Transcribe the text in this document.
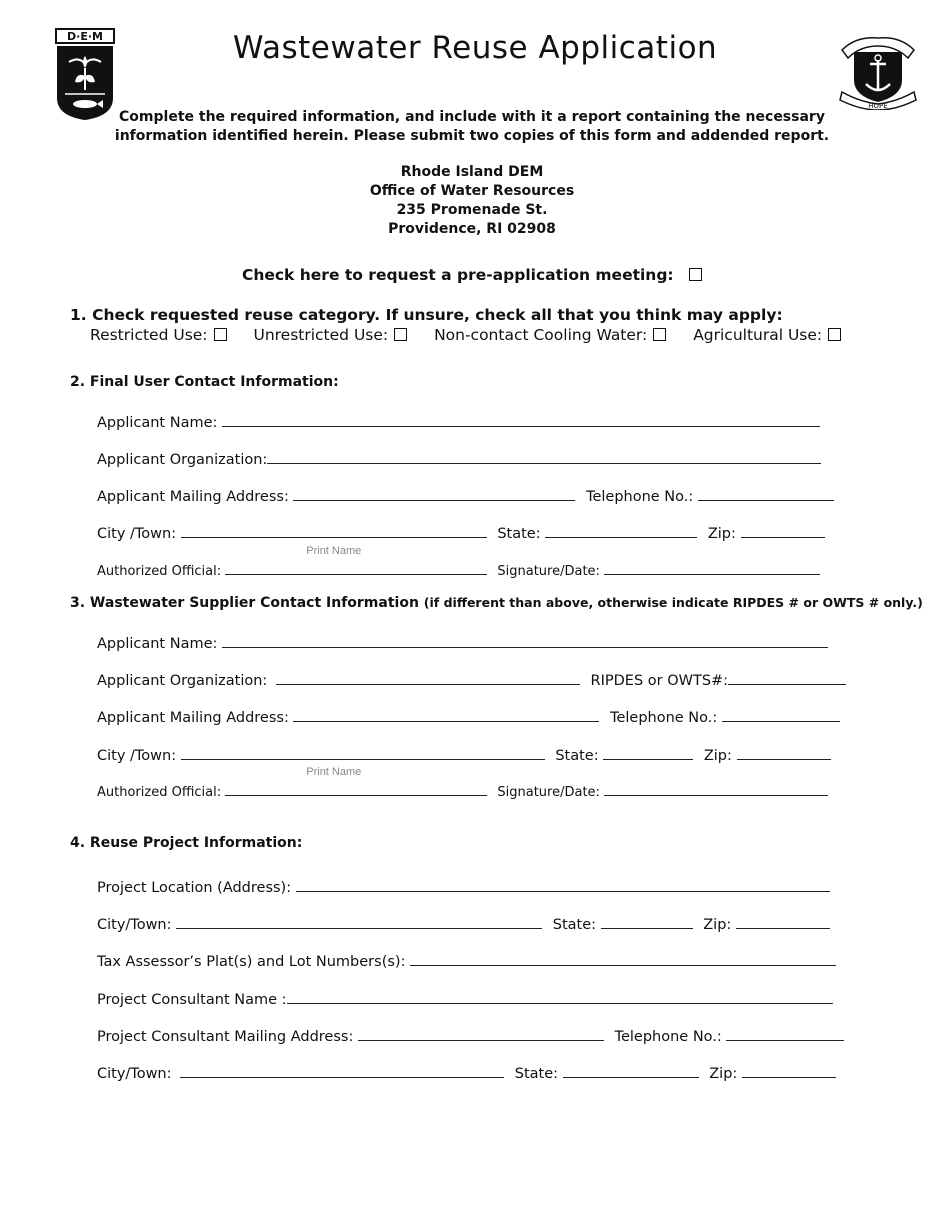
D·E·M
HOPE
Wastewater Reuse Application
Complete the required information, and include with it a report containing the necessary
information identified herein. Please submit two copies of this form and addended report.
Rhode Island DEM
Office of Water Resources
235 Promenade St.
Providence, RI 02908
Check here to request a pre-application meeting:
1. Check requested reuse category. If unsure, check all that you think may apply:
Restricted Use:	Unrestricted Use:	Non-contact Cooling Water:	Agricultural Use:
2. Final User Contact Information:
Applicant Name:
Applicant Organization:
Applicant Mailing Address:	Telephone No.:
City /Town:	State:	Zip:
Authorized Official:
Print Name
Signature/Date:
3. Wastewater Supplier Contact Information (if different than above, otherwise indicate RIPDES # or OWTS # only.)
Applicant Name:
Applicant Organization:	RIPDES or OWTS#:
Applicant Mailing Address:	Telephone No.:
City /Town:	State:	Zip:
Authorized Official:
Print Name
Signature/Date:
4. Reuse Project Information:
Project Location (Address):
City/Town:	State:	Zip:
Tax Assessor’s Plat(s) and Lot Numbers(s):
Project Consultant Name :
Project Consultant Mailing Address:	Telephone No.:
City/Town:	State:	Zip:
